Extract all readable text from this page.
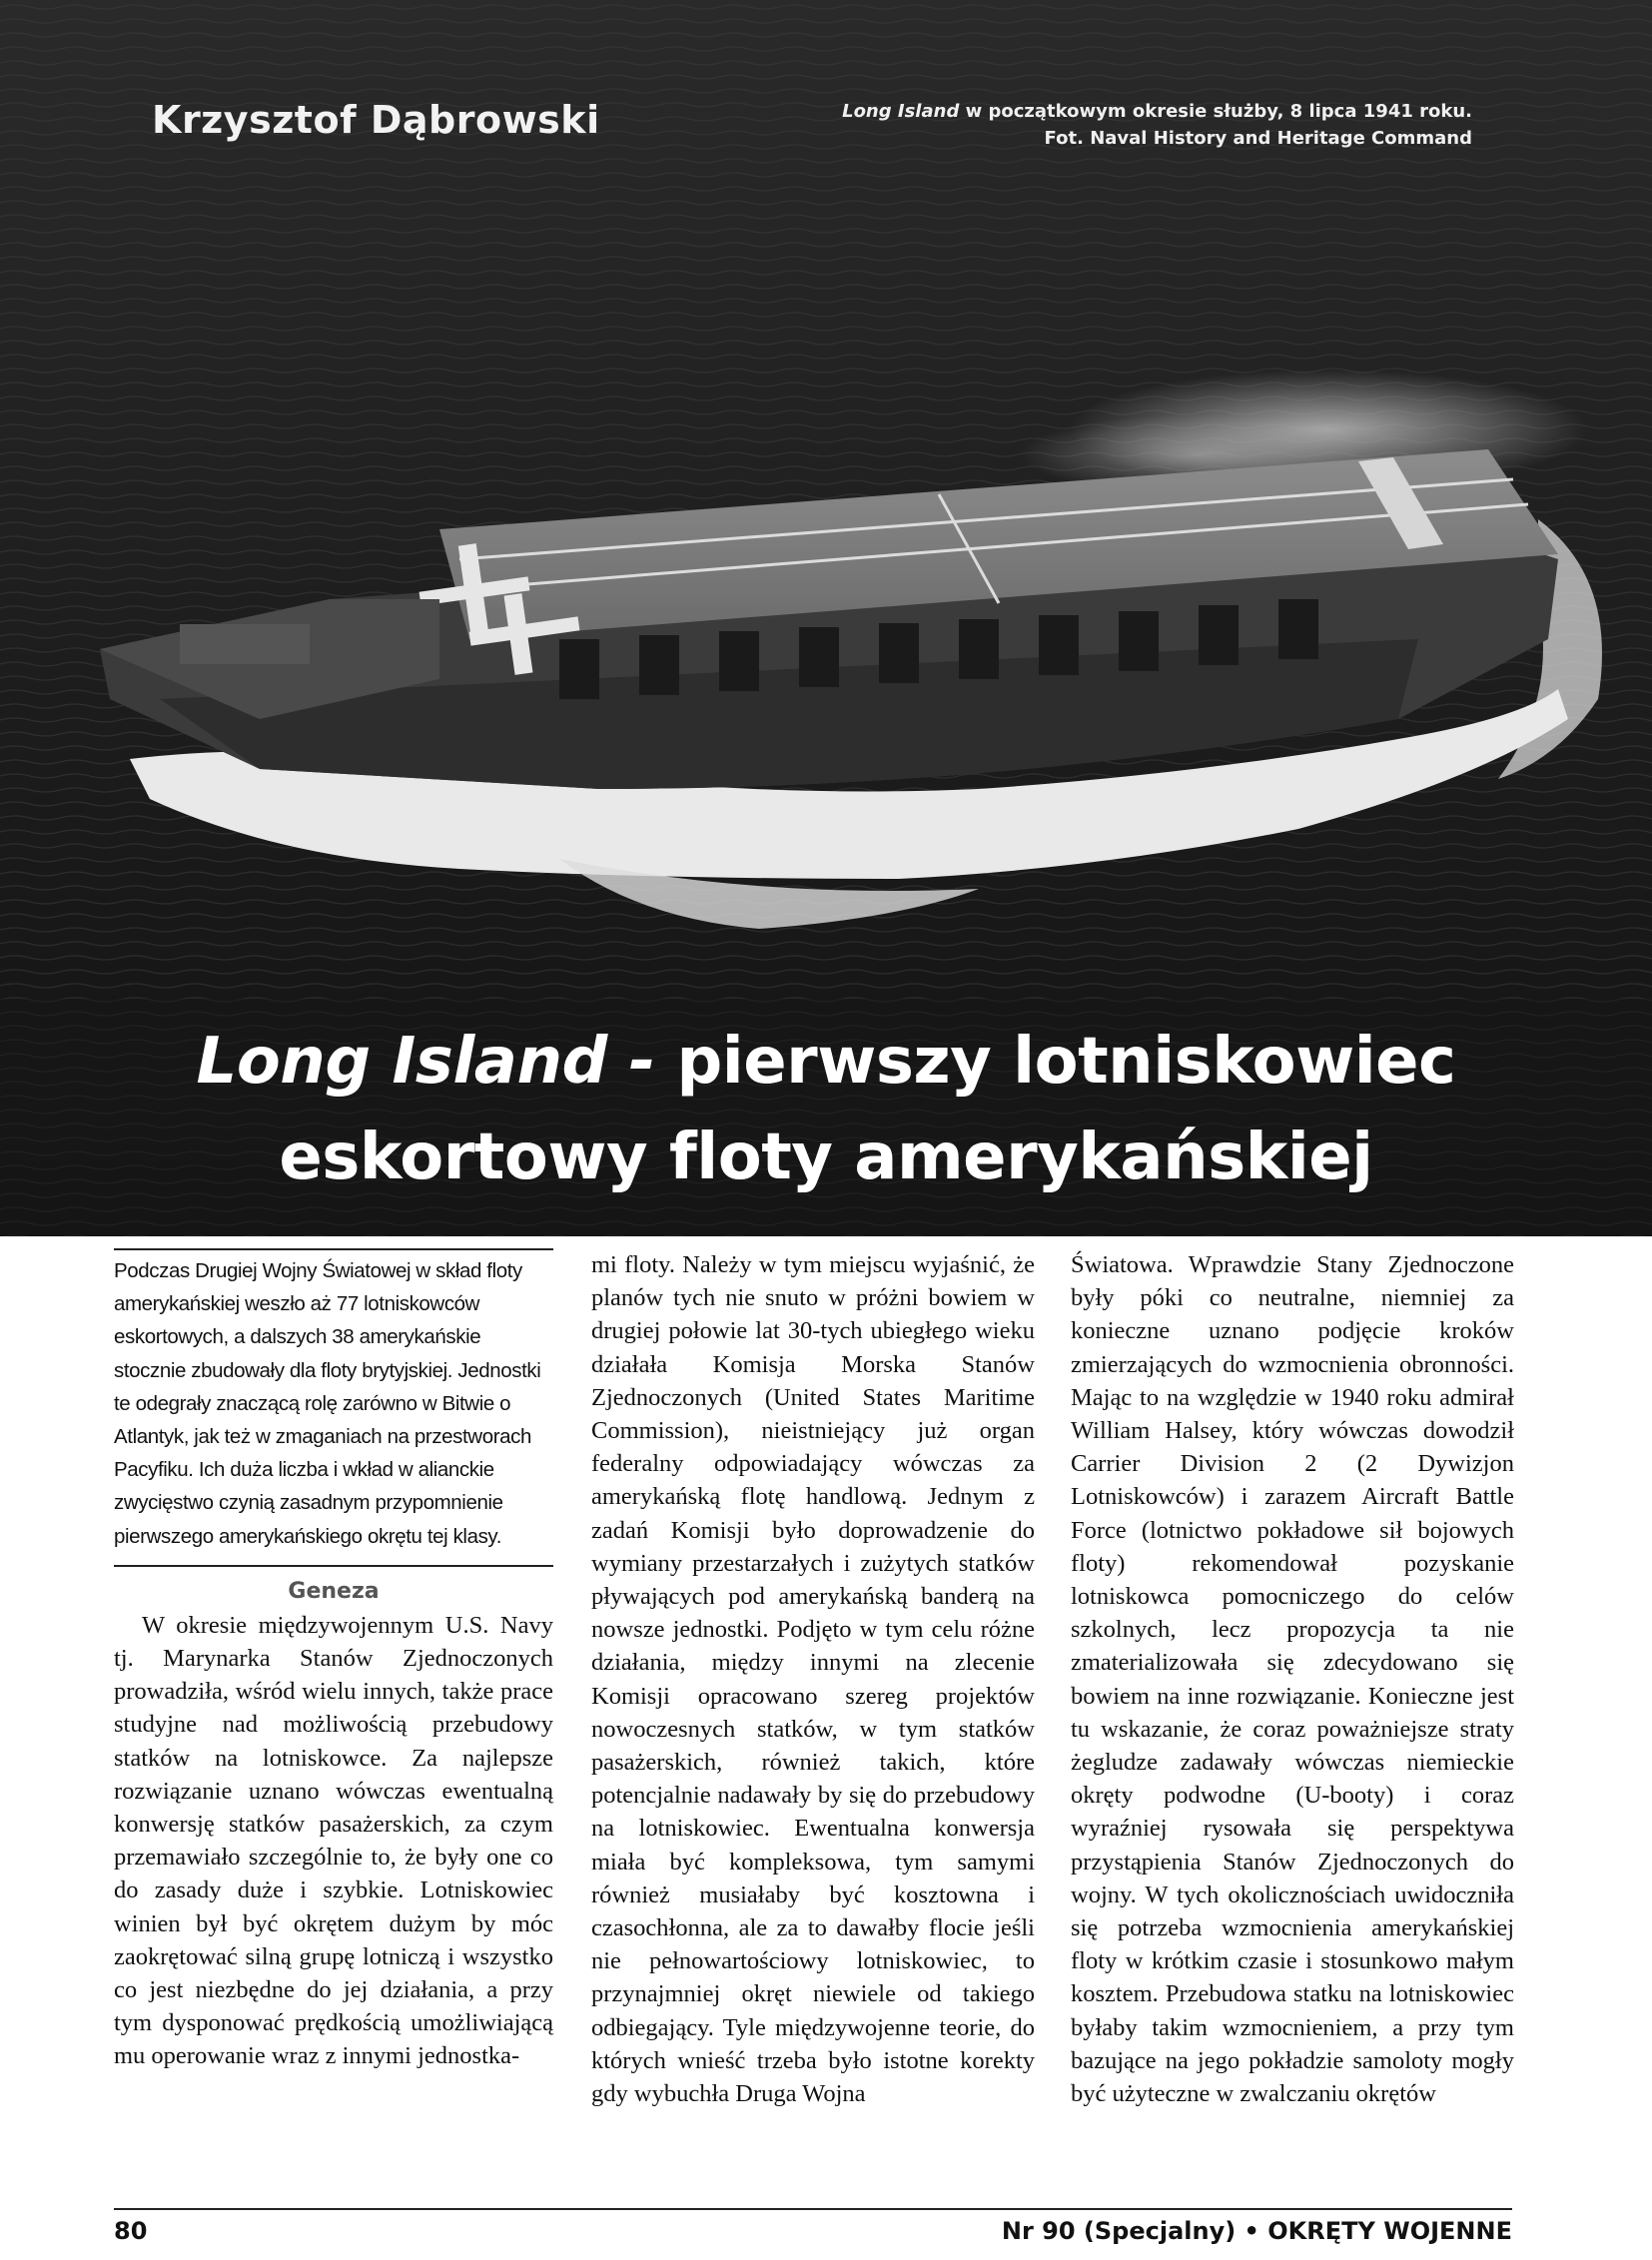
Krzysztof Dąbrowski	Long Island w początkowym okresie służby, 8 lipca 1941 roku.
Fot. Naval History and Heritage Command
Long Island - pierwszy lotniskowiec
eskortowy floty amerykańskiej

Podczas Drugiej Wojny Światowej w skład floty amerykańskiej weszło aż 77 lotniskowców eskortowych, a dalszych 38 amerykańskie stocznie zbudowały dla floty brytyjskiej. Jednostki te odegrały znaczącą rolę zarówno w Bitwie o Atlantyk, jak też w zmaganiach na przestworach Pacyfiku. Ich duża liczba i wkład w alianckie zwycięstwo czynią zasadnym przypomnienie pierwszego amerykańskiego okrętu tej klasy.

Geneza

W okresie międzywojennym U.S. Navy tj. Marynarka Stanów Zjednoczonych prowadziła, wśród wielu innych, także prace studyjne nad możliwością przebudowy statków na lotniskowce. Za najlepsze rozwiązanie uznano wówczas ewentualną konwersję statków pasażerskich, za czym przemawiało szczególnie to, że były one co do zasady duże i szybkie. Lotniskowiec winien był być okrętem dużym by móc zaokrętować silną grupę lotniczą i wszystko co jest niezbędne do jej działania, a przy tym dysponować prędkością umożliwiającą mu operowanie wraz z innymi jednostka-

mi floty. Należy w tym miejscu wyjaśnić, że planów tych nie snuto w próżni bowiem w drugiej połowie lat 30-tych ubiegłego wieku działała Komisja Morska Stanów Zjednoczonych (United States Maritime Commission), nieistniejący już organ federalny odpowiadający wówczas za amerykańską flotę handlową. Jednym z zadań Komisji było doprowadzenie do wymiany przestarzałych i zużytych statków pływających pod amerykańską banderą na nowsze jednostki. Podjęto w tym celu różne działania, między innymi na zlecenie Komisji opracowano szereg projektów nowoczesnych statków, w tym statków pasażerskich, również takich, które potencjalnie nadawały by się do przebudowy na lotniskowiec. Ewentualna konwersja miała być kompleksowa, tym samymi również musiałaby być kosztowna i czasochłonna, ale za to dawałby flocie jeśli nie pełnowartościowy lotniskowiec, to przynajmniej okręt niewiele od takiego odbiegający. Tyle międzywojenne teorie, do których wnieść trzeba było istotne korekty gdy wybuchła Druga Wojna

Światowa. Wprawdzie Stany Zjednoczone były póki co neutralne, niemniej za konieczne uznano podjęcie kroków zmierzających do wzmocnienia obronności. Mając to na względzie w 1940 roku admirał William Halsey, który wówczas dowodził Carrier Division 2 (2 Dywizjon Lotniskowców) i zarazem Aircraft Battle Force (lotnictwo pokładowe sił bojowych floty) rekomendował pozyskanie lotniskowca pomocniczego do celów szkolnych, lecz propozycja ta nie zmaterializowała się zdecydowano się bowiem na inne rozwiązanie. Konieczne jest tu wskazanie, że coraz poważniejsze straty żegludze zadawały wówczas niemieckie okręty podwodne (U-booty) i coraz wyraźniej rysowała się perspektywa przystąpienia Stanów Zjednoczonych do wojny. W tych okolicznościach uwidoczniła się potrzeba wzmocnienia amerykańskiej floty w krótkim czasie i stosunkowo małym kosztem. Przebudowa statku na lotniskowiec byłaby takim wzmocnieniem, a przy tym bazujące na jego pokładzie samoloty mogły być użyteczne w zwalczaniu okrętów

80	Nr 90 (Specjalny) • OKRĘTY WOJENNE
